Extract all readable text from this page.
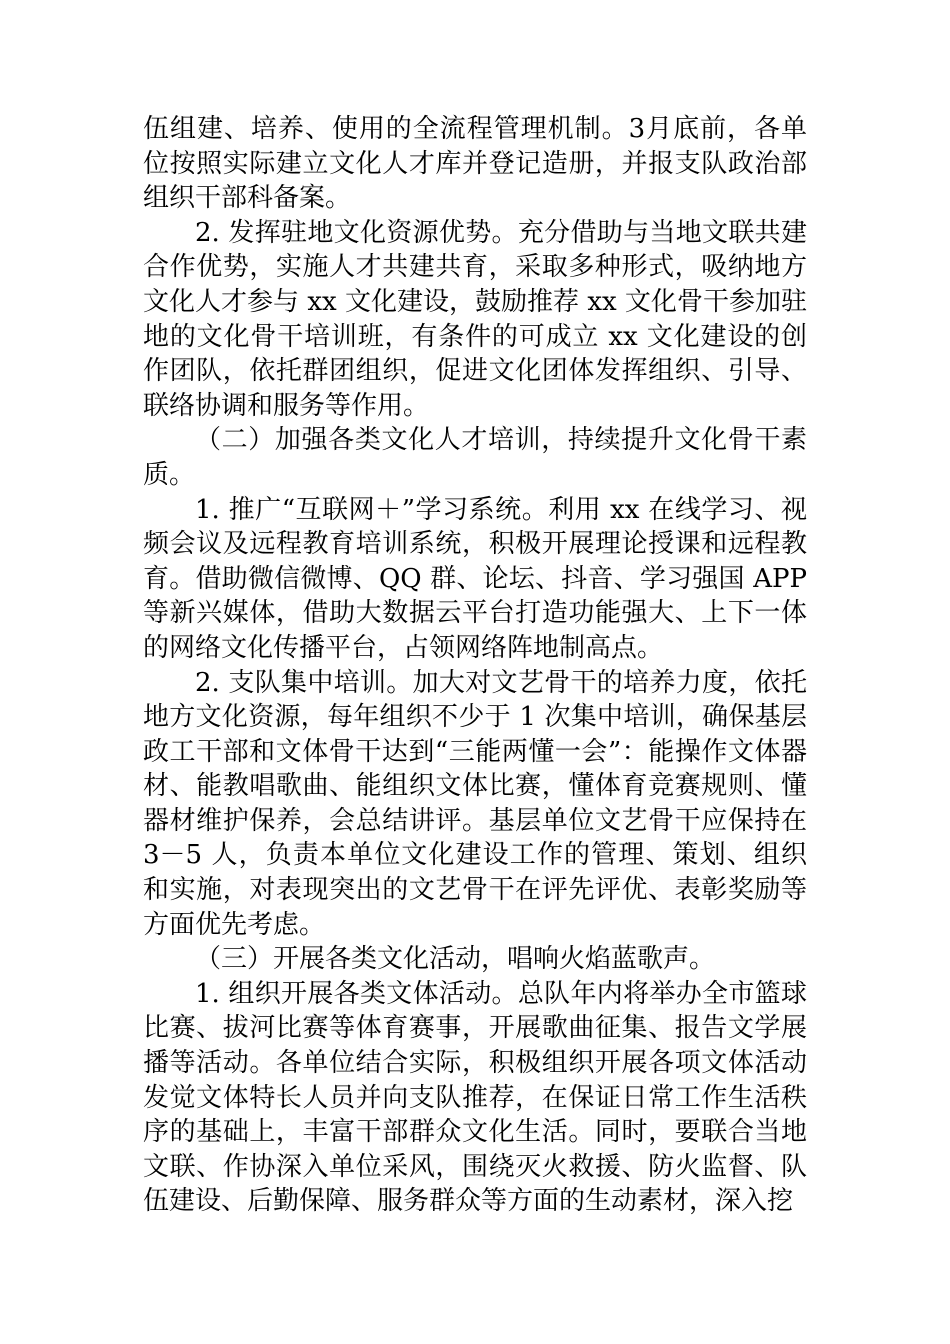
伍组建、培养、使用的全流程管理机制。3月底前，各单位按照实际建立文化人才库并登记造册，并报支队政治部组织干部科备案。

2. 发挥驻地文化资源优势。充分借助与当地文联共建合作优势，实施人才共建共育，采取多种形式，吸纳地方文化人才参与 xx 文化建设，鼓励推荐 xx 文化骨干参加驻地的文化骨干培训班，有条件的可成立 xx 文化建设的创作团队，依托群团组织，促进文化团体发挥组织、引导、联络协调和服务等作用。

（二）加强各类文化人才培训，持续提升文化骨干素质。

1. 推广“互联网＋”学习系统。利用 xx 在线学习、视频会议及远程教育培训系统，积极开展理论授课和远程教育。借助微信微博、QQ 群、论坛、抖音、学习强国 APP 等新兴媒体，借助大数据云平台打造功能强大、上下一体的网络文化传播平台，占领网络阵地制高点。

2. 支队集中培训。加大对文艺骨干的培养力度，依托地方文化资源，每年组织不少于 1 次集中培训，确保基层政工干部和文体骨干达到“三能两懂一会”：能操作文体器材、能教唱歌曲、能组织文体比赛，懂体育竞赛规则、懂器材维护保养，会总结讲评。基层单位文艺骨干应保持在 3－5 人，负责本单位文化建设工作的管理、策划、组织和实施，对表现突出的文艺骨干在评先评优、表彰奖励等方面优先考虑。

（三）开展各类文化活动，唱响火焰蓝歌声。

1. 组织开展各类文体活动。总队年内将举办全市篮球比赛、拔河比赛等体育赛事，开展歌曲征集、报告文学展播等活动。各单位结合实际，积极组织开展各项文体活动发觉文体特长人员并向支队推荐，在保证日常工作生活秩序的基础上，丰富干部群众文化生活。同时，要联合当地文联、作协深入单位采风，围绕灭火救援、防火监督、队伍建设、后勤保障、服务群众等方面的生动素材，深入挖
